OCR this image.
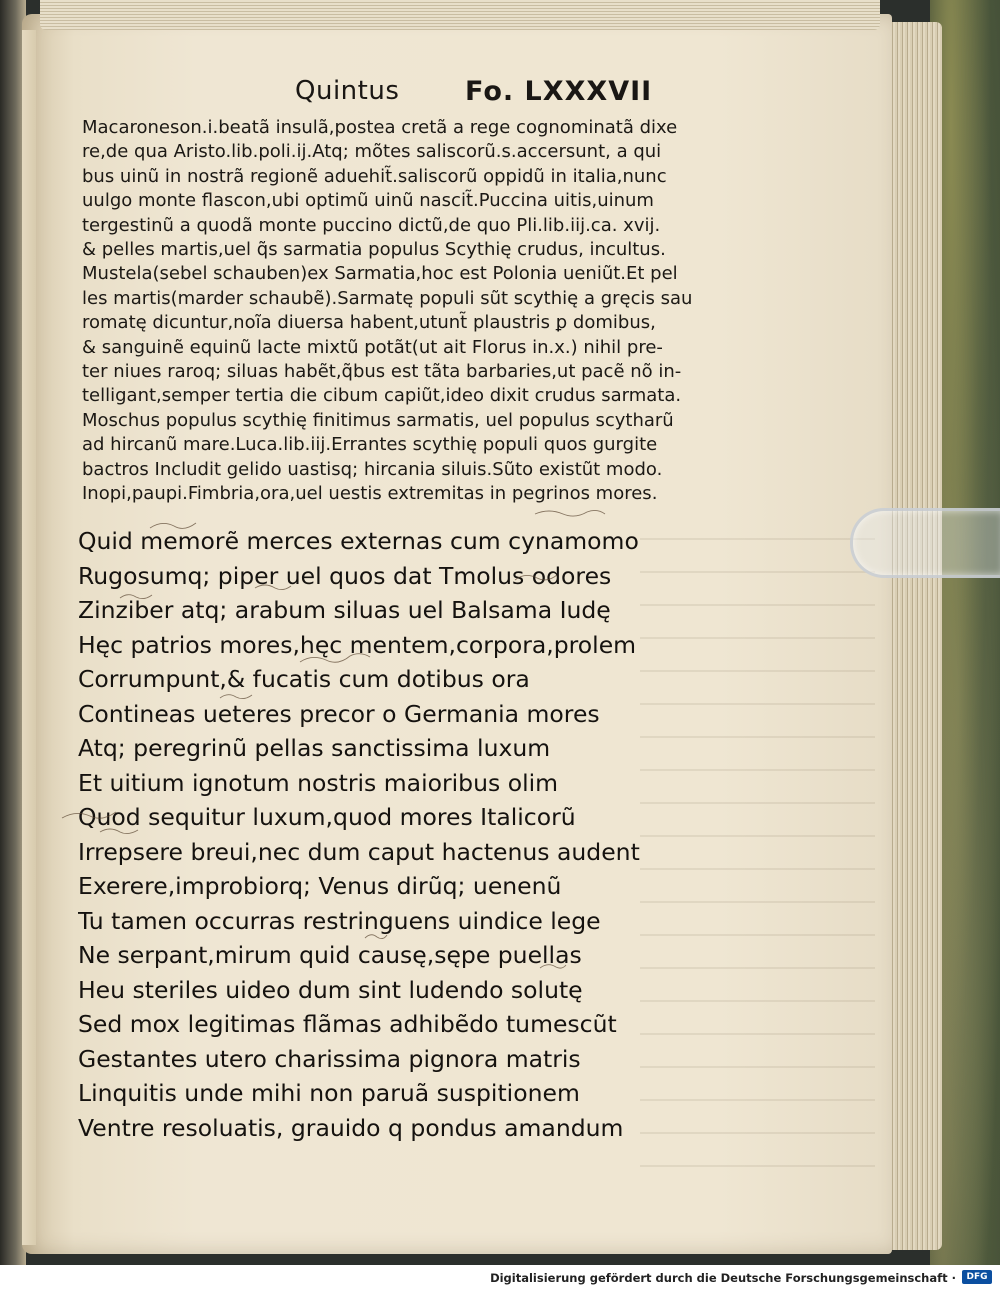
Quintus Fo. LXXXVII
Macaroneson.i.beatã insulã,postea cretã a rege cognominatã dixe
re,de qua Aristo.lib.poli.ij.Atq; mõtes saliscorũ.s.accersunt, a qui
bus uinũ in nostrã regionẽ aduehit̃.saliscorũ oppidũ in italia,nunc
uulgo monte flascon,ubi optimũ uinũ nascit̃.Puccina uitis,uinum
tergestinũ a quodã monte puccino dictũ,de quo Pli.lib.iij.ca. xvij.
& pelles martis,uel q̃s sarmatia populus Scythię crudus, incultus.
Mustela(sebel schauben)ex Sarmatia,hoc est Polonia ueniũt.Et pel
les martis(marder schaubẽ).Sarmatę populi sũt scythię a gręcis sau
romatę dicuntur,noĩa diuersa habent,utunt̃ plaustris ꝑ domibus,
& sanguinẽ equinũ lacte mixtũ potãt(ut ait Florus in.x.) nihil pre-
ter niues raroq; siluas habẽt,q̃bus est tãta barbaries,ut pacẽ nõ in-
telligant,semper tertia die cibum capiũt,ideo dixit crudus sarmata.
Moschus populus scythię finitimus sarmatis, uel populus scytharũ
ad hircanũ mare.Luca.lib.iij.Errantes scythię populi quos gurgite
bactros Includit gelido uastisq; hircania siluis.Sũto existũt modo.
Inopi,paupi.Fimbria,ora,uel uestis extremitas in pegrinos mores.
Quid memorẽ merces externas cum cynamomo
Rugosumq; piper uel quos dat Tmolus odores
Zinziber atq; arabum siluas uel Balsama Iudę
Hęc patrios mores,hęc mentem,corpora,prolem
Corrumpunt,& fucatis cum dotibus ora
Contineas ueteres precor o Germania mores
Atq; peregrinũ pellas sanctissima luxum
Et uitium ignotum nostris maioribus olim
Quod sequitur luxum,quod mores Italicorũ
Irrepsere breui,nec dum caput hactenus audent
Exerere,improbiorq; Venus dirũq; uenenũ
Tu tamen occurras restringuens uindice lege
Ne serpant,mirum quid causę,sępe puellas
Heu steriles uideo dum sint ludendo solutę
Sed mox legitimas flãmas adhibẽdo tumescũt
Gestantes utero charissima pignora matris
Linquitis unde mihi non paruã suspitionem
Ventre resoluatis, grauido q pondus amandum
Digitalisierung gefördert durch die Deutsche Forschungsgemeinschaft ·	DFG
